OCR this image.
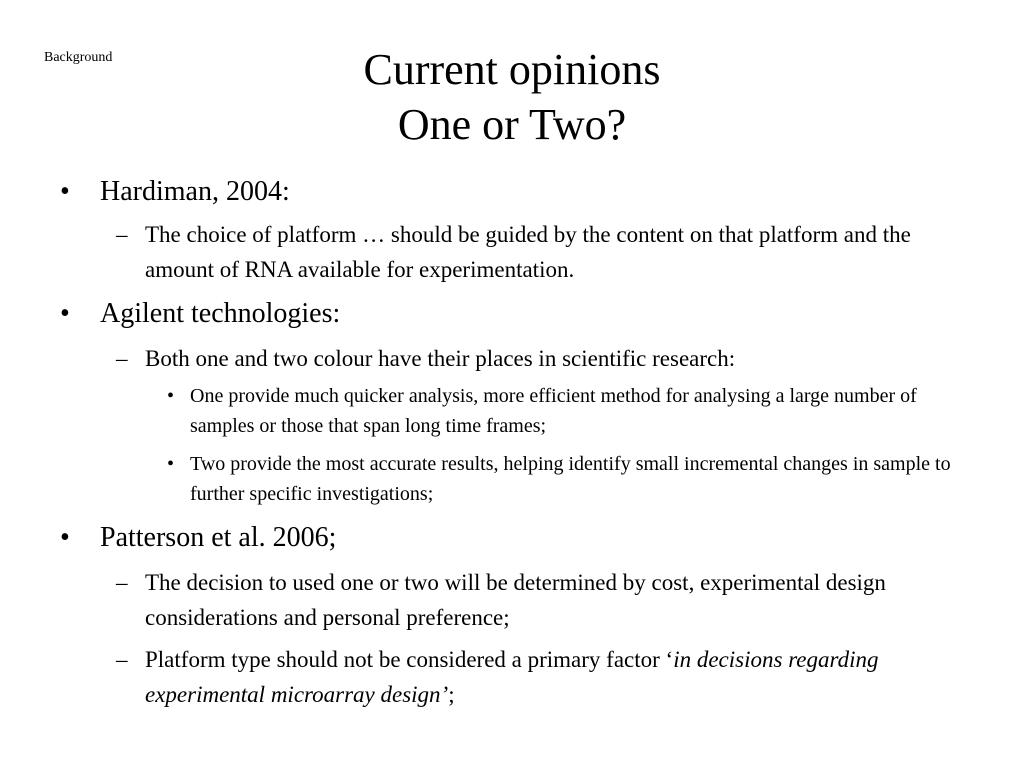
Background	Current opinions
One or Two?
• Hardiman, 2004:
– The choice of platform … should be guided by the content on that platform and the amount of RNA available for experimentation.
• Agilent technologies:
– Both one and two colour have their places in scientific research:
• One provide much quicker analysis, more efficient method for analysing a large number of samples or those that span long time frames;
• Two provide the most accurate results, helping identify small incremental changes in sample to further specific investigations;
• Patterson et al. 2006;
– The decision to used one or two will be determined by cost, experimental design considerations and personal preference;
– Platform type should not be considered a primary factor ‘in decisions regarding experimental microarray design’;
